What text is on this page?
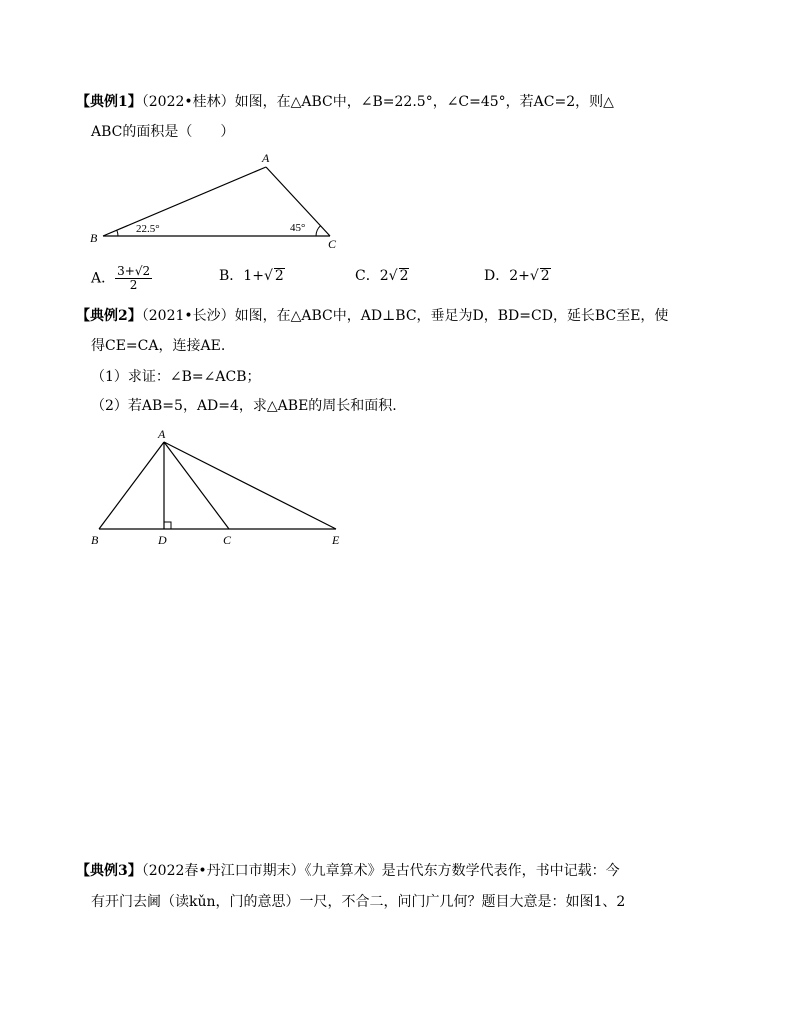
【典例1】（2022•桂林）如图，在△ABC中，∠B=22.5°，∠C=45°，若AC=2，则△
ABC的面积是（　　）
A
B	C
22.5°	45°
A． $\frac{3+√2}{2}$	B．1+√ 2	C．2√ 2	D．2+√ 2
【典例2】（2021•长沙）如图，在△ABC中，AD⊥BC，垂足为D，BD=CD，延长BC至E，使
得CE=CA，连接AE.
（1）求证：∠B=∠ACB；
（2）若AB=5，AD=4，求△ABE的周长和面积.
A
B	D	C	E
【典例3】（2022春•丹江口市期末）《九章算术》是古代东方数学代表作，书中记载：今
有开门去阃（读kǔn，门的意思）一尺，不合二，问门广几何？题目大意是：如图1、2
